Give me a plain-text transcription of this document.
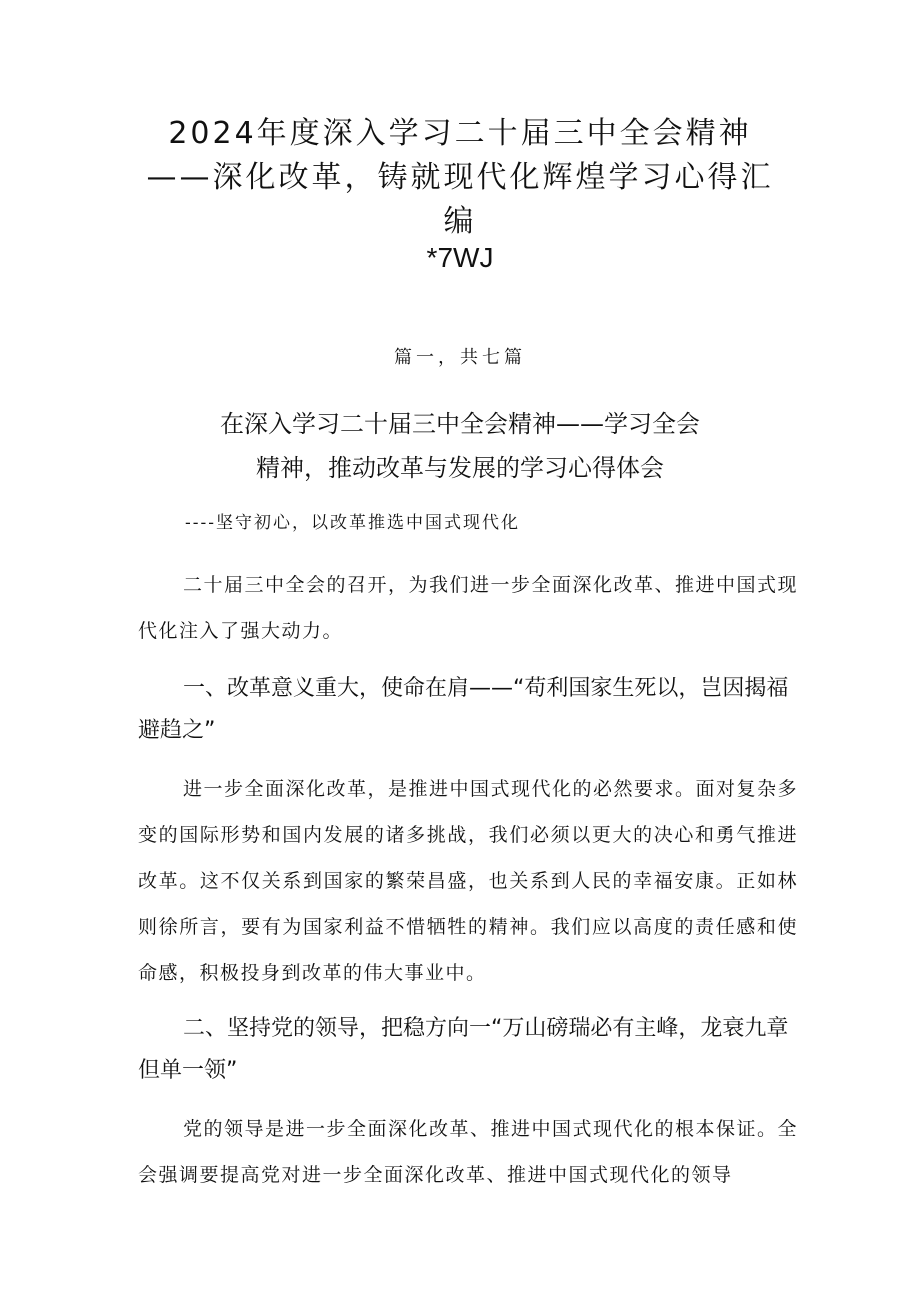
2024年度深入学习二十届三中全会精神——深化改革，铸就现代化辉煌学习心得汇编
*7WJ
篇一，共七篇
在深入学习二十届三中全会精神——学习全会
精神，推动改革与发展的学习心得体会
----坚守初心，以改革推选中国式现代化

二十届三中全会的召开，为我们进一步全面深化改革、推进中国式现代化注入了强大动力。

一、改革意义重大，使命在肩——“苟利国家生死以，岂因揭福避趋之”

进一步全面深化改革，是推进中国式现代化的必然要求。面对复杂多变的国际形势和国内发展的诸多挑战，我们必须以更大的决心和勇气推进改革。这不仅关系到国家的繁荣昌盛，也关系到人民的幸福安康。正如林则徐所言，要有为国家利益不惜牺牲的精神。我们应以高度的责任感和使命感，积极投身到改革的伟大事业中。

二、坚持党的领导，把稳方向一“万山磅瑞必有主峰，龙衰九章但单一领”

党的领导是进一步全面深化改革、推进中国式现代化的根本保证。全会强调要提高党对进一步全面深化改革、推进中国式现代化的领导
